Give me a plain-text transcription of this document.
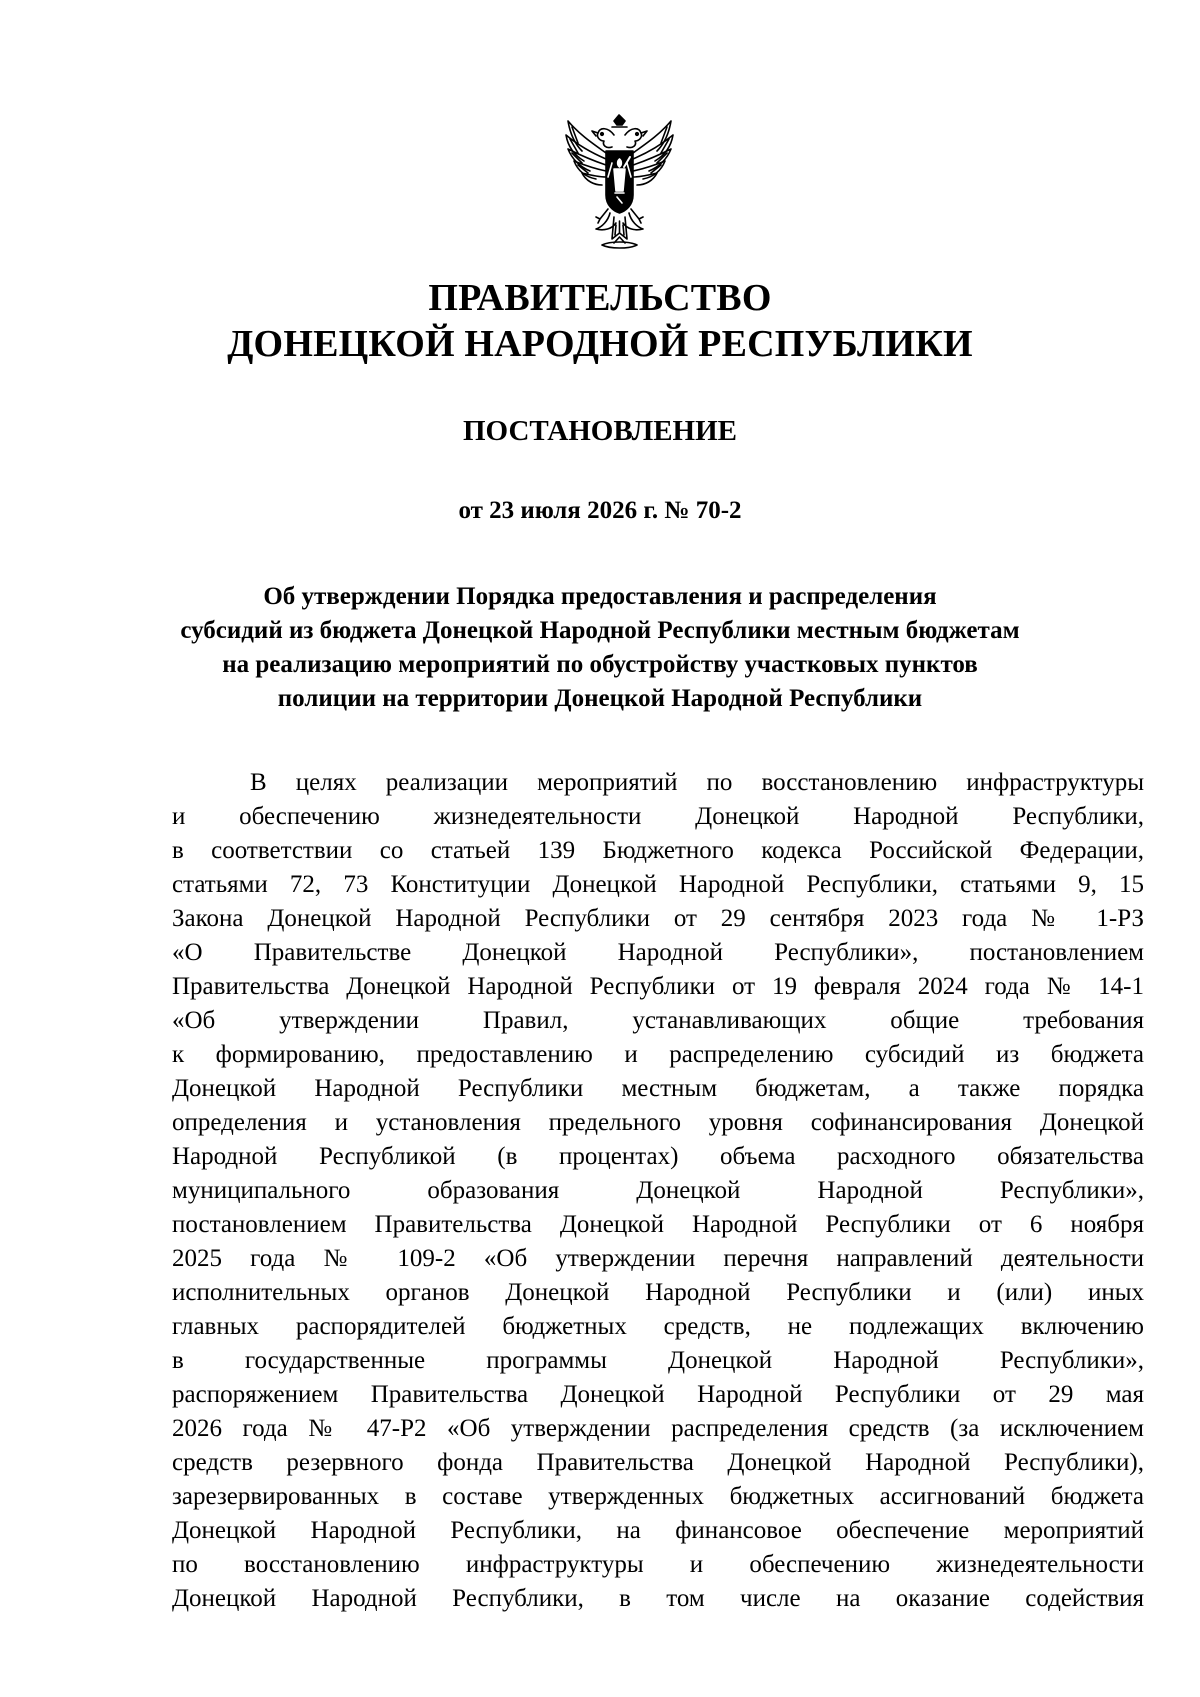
ПРАВИТЕЛЬСТВО
ДОНЕЦКОЙ НАРОДНОЙ РЕСПУБЛИКИ
ПОСТАНОВЛЕНИЕ
от 23 июля 2026 г. № 70-2
Об утверждении Порядка предоставления и распределения
субсидий из бюджета Донецкой Народной Республики местным бюджетам
на реализацию мероприятий по обустройству участковых пунктов
полиции на территории Донецкой Народной Республики
В целях реализации мероприятий по восстановлению инфраструктуры
и обеспечению жизнедеятельности Донецкой Народной Республики,
в соответствии со статьей 139 Бюджетного кодекса Российской Федерации,
статьями 72, 73 Конституции Донецкой Народной Республики, статьями 9, 15
Закона Донецкой Народной Республики от 29 сентября 2023 года № 1-РЗ
«О Правительстве Донецкой Народной Республики», постановлением
Правительства Донецкой Народной Республики от 19 февраля 2024 года № 14-1
«Об утверждении Правил, устанавливающих общие требования
к формированию, предоставлению и распределению субсидий из бюджета
Донецкой Народной Республики местным бюджетам, а также порядка
определения и установления предельного уровня софинансирования Донецкой
Народной Республикой (в процентах) объема расходного обязательства
муниципального образования Донецкой Народной Республики»,
постановлением Правительства Донецкой Народной Республики от 6 ноября
2025 года № 109-2 «Об утверждении перечня направлений деятельности
исполнительных органов Донецкой Народной Республики и (или) иных
главных распорядителей бюджетных средств, не подлежащих включению
в государственные программы Донецкой Народной Республики»,
распоряжением Правительства Донецкой Народной Республики от 29 мая
2026 года № 47-Р2 «Об утверждении распределения средств (за исключением
средств резервного фонда Правительства Донецкой Народной Республики),
зарезервированных в составе утвержденных бюджетных ассигнований бюджета
Донецкой Народной Республики, на финансовое обеспечение мероприятий
по восстановлению инфраструктуры и обеспечению жизнедеятельности
Донецкой Народной Республики, в том числе на оказание содействия
